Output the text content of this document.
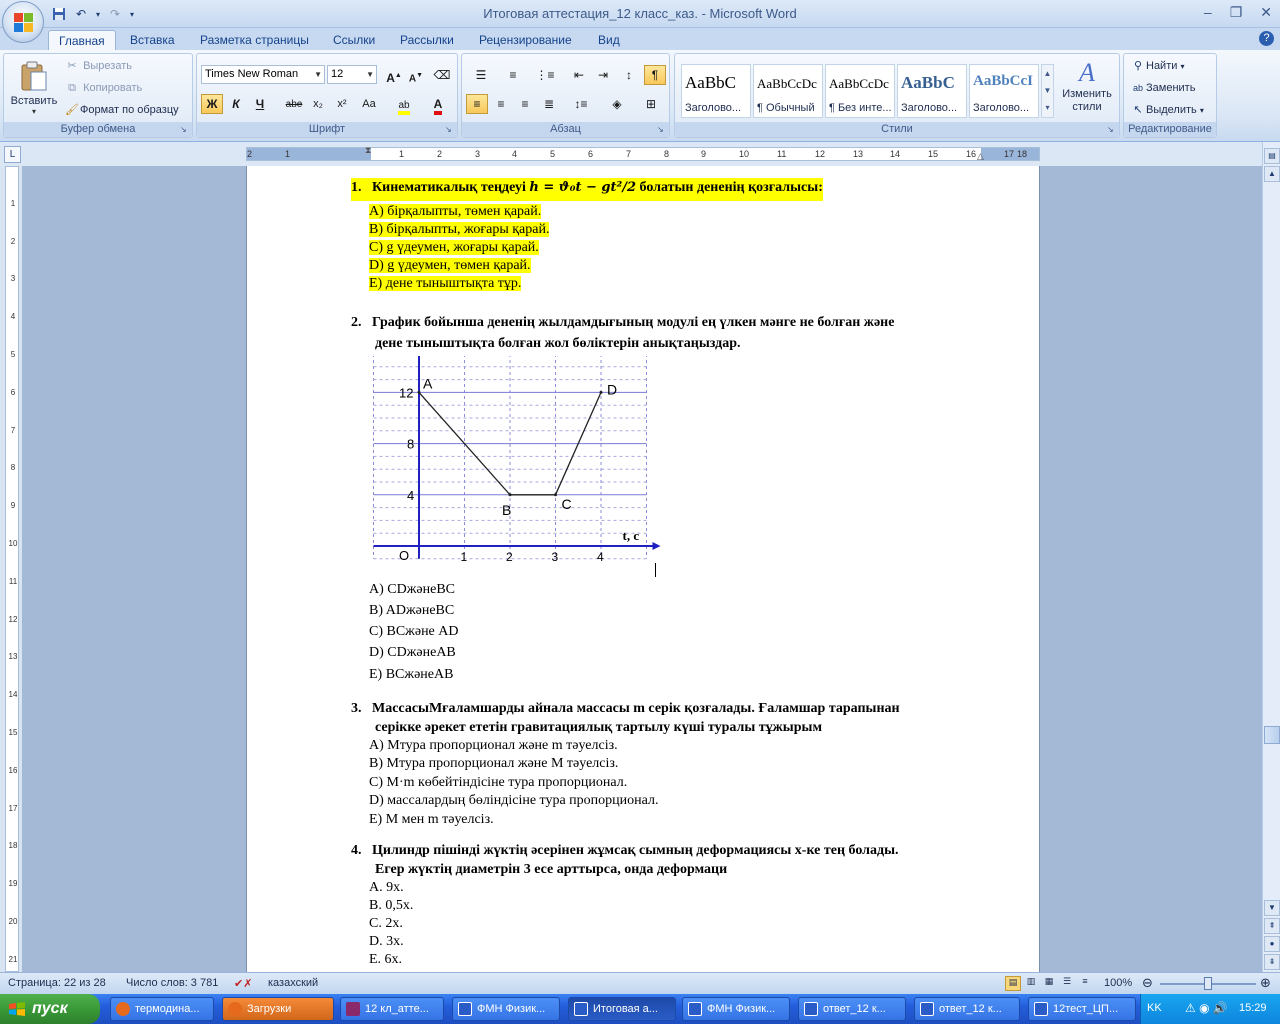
↶	▾ ↷	▾	Итоговая аттестация_12 класс_каз. - Microsoft Word	– ❐ ✕
Главная	Вставка	Разметка страницы	Ссылки	Рассылки	Рецензирование	Вид	?
Вставить
▾
✂ Вырезать
⧉ Копировать
🖌Формат по образцу
Буфер обмена	↘
Times New Roman ▼ 12	▼ A▲ A▼ ⌫
Ж	К	Ч	abe x₂	x²	Aa	ab	A
Шрифт	↘
☰	≡	⋮≡	⇤	⇥	↕	¶
≡	≡	≡	≣	↕≡	◈	⊞
Абзац	↘
AaBbC
Заголово...
AaBbCcDc
¶ Обычный
AaBbCcDc
¶ Без инте...
AaBbC
Заголово...
AaBbCcI
Заголово...
▲
▼
▾
A
Изменить стили
Стили	↘
⚲ Найти ▾
ab Заменить
↖ Выделить ▾
Редактирование
L	2	1	1	2	3	4	5	6	7	8	9	10	11	12	13	14	15	16	17 18
⧗
△
1
2
3
4
5
6
7
8
9
10
11
12
13
14
15
16
17
18
19
20
21
1. Кинематикалық теңдеуі h = ϑ₀t − gt²/2 болатын дененің қозғалысы:
A) бірқалыпты, төмен қарай.
B) бірқалыпты, жоғары қарай.
C) g үдеумен, жоғары қарай.
D) g үдеумен, төмен қарай.
E) дене тыныштықта тұр.
2. График бойынша дененің жылдамдығының модулі ең үлкен мәнге не болған және
дене тыныштықта болған жол бөліктерін анықтаңыздар.
t, c
O	1	2	3	4
4
8
12
A
B	C
D
A) CDжәнеBC
B) ADжәнеBC
C) BCжәне AD
D) CDжәнеAB
E) BCжәнеAB
3. МассасыМғаламшарды айнала массасы m серік қозғалады. Ғаламшар тарапынан
серікке әрекет ететін гравитациялық тартылу күші туралы тұжырым
A) Мтура пропорционал және m тәуелсіз.
B) Мтура пропорционал және М тәуелсіз.
C) М·m көбейтіндісіне тура пропорционал.
D) массалардың бөліндісіне тура пропорционал.
E) М мен m тәуелсіз.
4. Цилиндр пішінді жүктің әсерінен жұмсақ сымның деформациясы x-ке тең болады.
Егер жүктің диаметрін 3 есе арттырса, онда деформаци
A. 9x.
B. 0,5x.
C. 2x.
D. 3x.
E. 6x.
▤
▲
▼
⇞
●
⇟
Страница: 22 из 28 Число слов: 3 781 ✔✗ казахский	▤	▥	▦	☰	≡	100% ⊖	⊕
пуск	термодина...	Загрузки	12 кл_атте...	ФМН Физик...	Итоговая а...	ФМН Физик...	ответ_12 к...	ответ_12 к...	12тест_ЦП...	KK ⚠ ◉ 🔊 15:29
